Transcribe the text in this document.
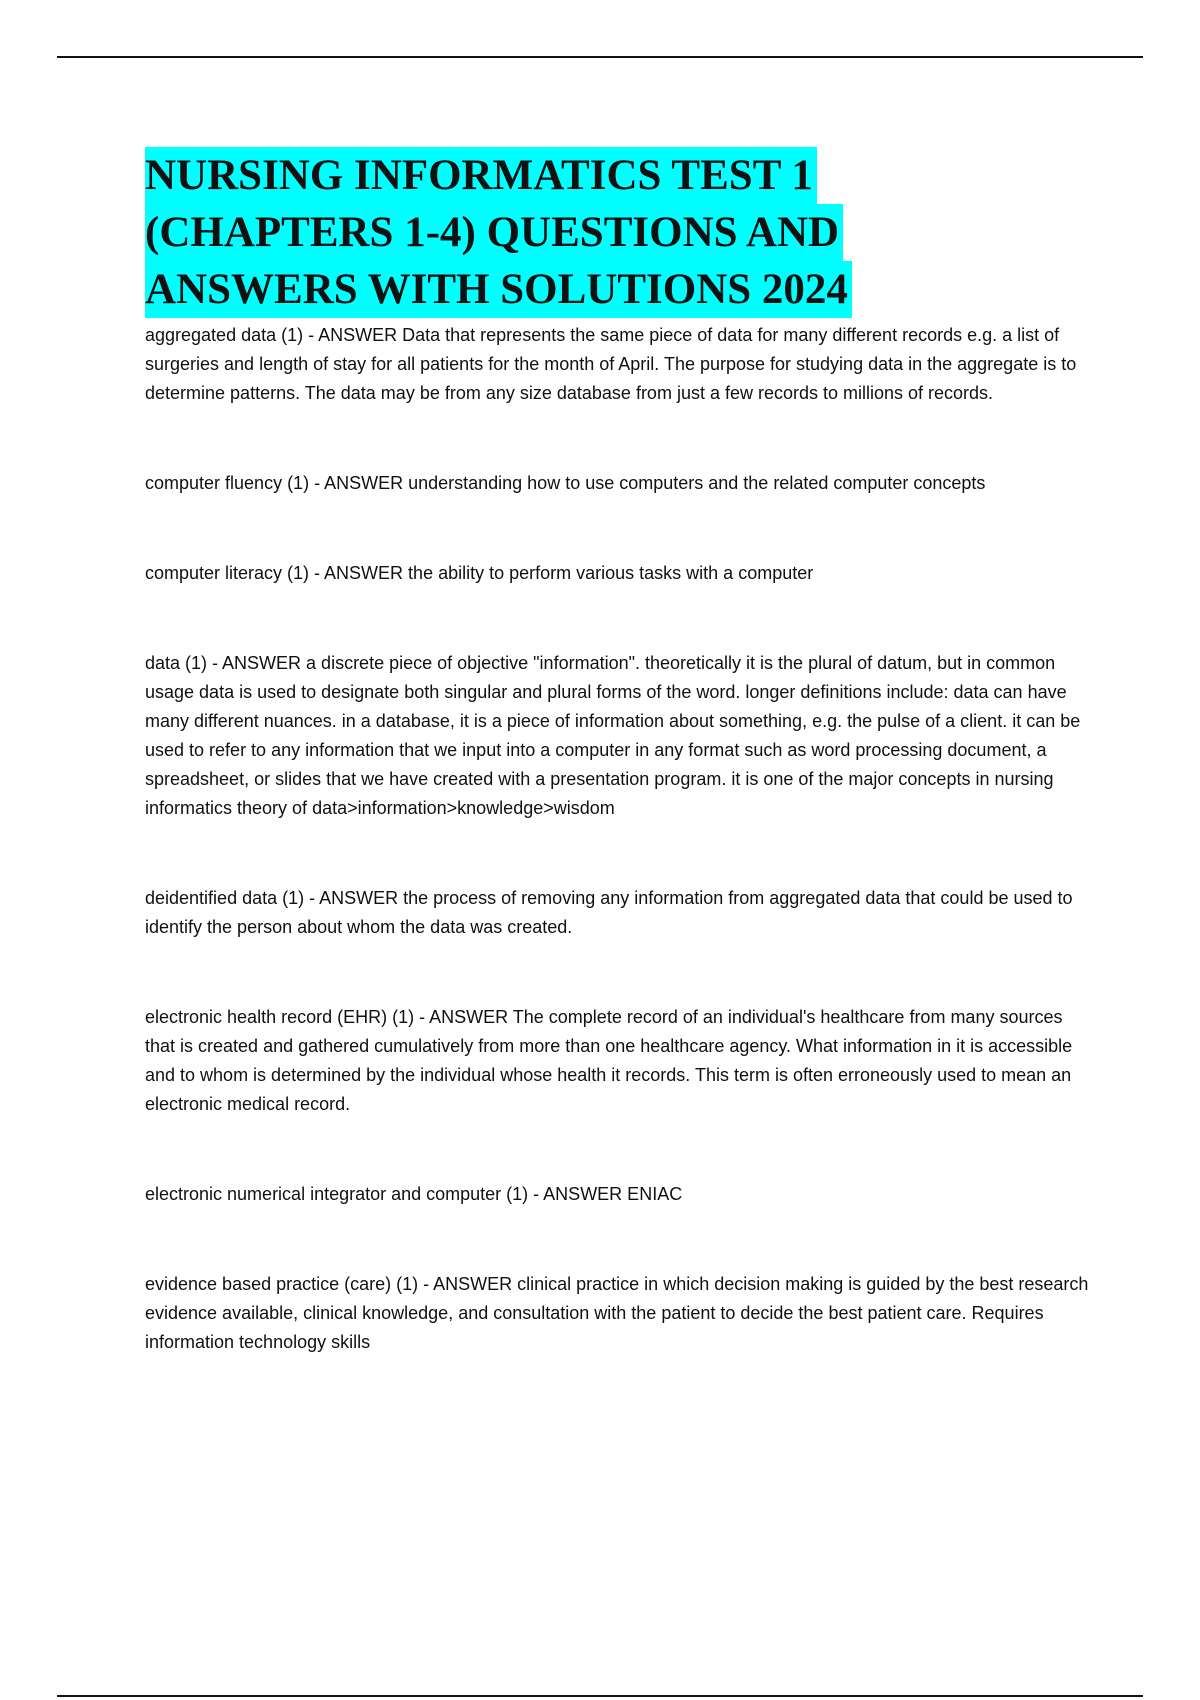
NURSING INFORMATICS TEST 1
(CHAPTERS 1-4) QUESTIONS AND
ANSWERS WITH SOLUTIONS 2024

aggregated data (1) - ANSWER Data that represents the same piece of data for many different records e.g. a list of surgeries and length of stay for all patients for the month of April. The purpose for studying data in the aggregate is to determine patterns. The data may be from any size database from just a few records to millions of records.

computer fluency (1) - ANSWER understanding how to use computers and the related computer concepts

computer literacy (1) - ANSWER the ability to perform various tasks with a computer

data (1) - ANSWER a discrete piece of objective "information". theoretically it is the plural of datum, but in common usage data is used to designate both singular and plural forms of the word. longer definitions include: data can have many different nuances. in a database, it is a piece of information about something, e.g. the pulse of a client. it can be used to refer to any information that we input into a computer in any format such as word processing document, a spreadsheet, or slides that we have created with a presentation program. it is one of the major concepts in nursing informatics theory of data>information>knowledge>wisdom

deidentified data (1) - ANSWER the process of removing any information from aggregated data that could be used to identify the person about whom the data was created.

electronic health record (EHR) (1) - ANSWER The complete record of an individual's healthcare from many sources that is created and gathered cumulatively from more than one healthcare agency. What information in it is accessible and to whom is determined by the individual whose health it records. This term is often erroneously used to mean an electronic medical record.

electronic numerical integrator and computer (1) - ANSWER ENIAC

evidence based practice (care) (1) - ANSWER clinical practice in which decision making is guided by the best research evidence available, clinical knowledge, and consultation with the patient to decide the best patient care. Requires information technology skills
